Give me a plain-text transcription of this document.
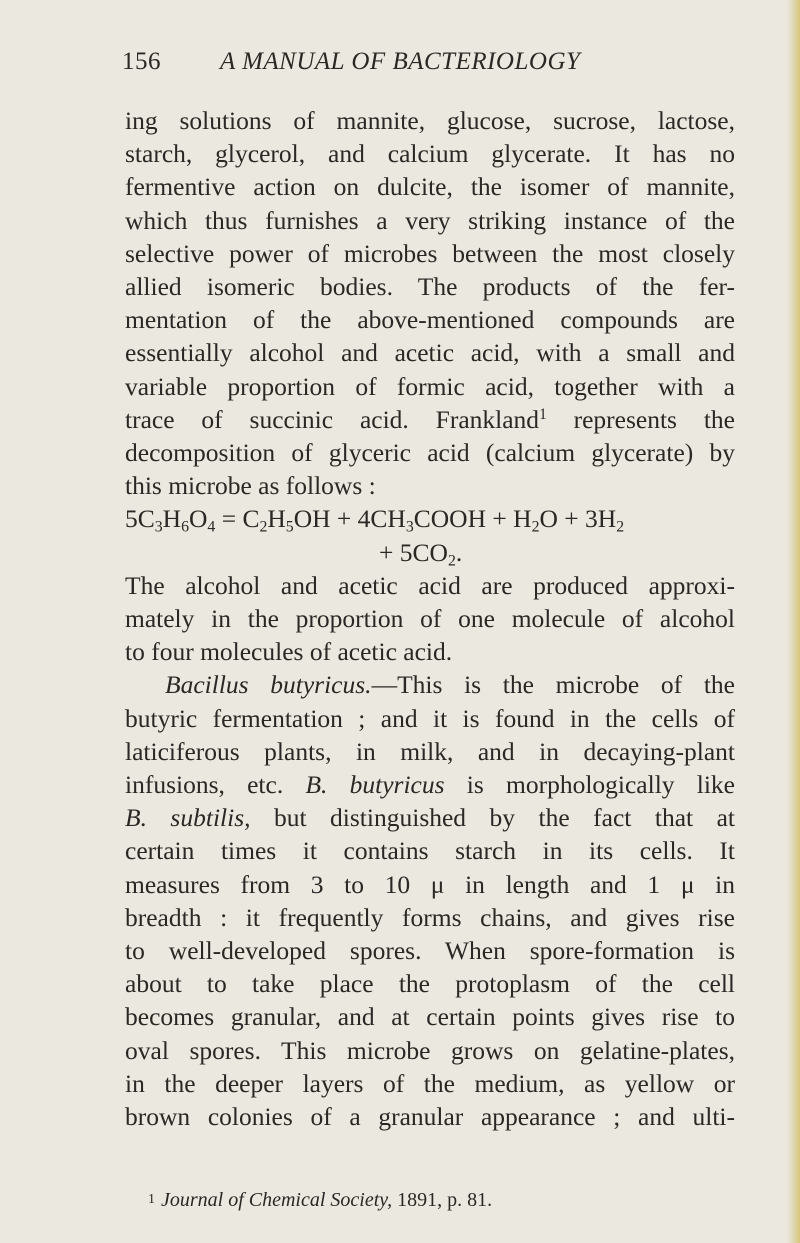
156 A MANUAL OF BACTERIOLOGY
ing solutions of mannite, glucose, sucrose, lactose,
starch, glycerol, and calcium glycerate. It has no
fermentive action on dulcite, the isomer of mannite,
which thus furnishes a very striking instance of the
selective power of microbes between the most closely
allied isomeric bodies. The products of the fer-
mentation of the above-mentioned compounds are
essentially alcohol and acetic acid, with a small and
variable proportion of formic acid, together with a
trace of succinic acid. Frankland$^1$ represents the
decomposition of glyceric acid (calcium glycerate) by
this microbe as follows :
$5C_3H_6O_4 = C_2H_5OH$ + $4CH_3COOH + H_2O + 3H_2$
+ $5CO_2$.
The alcohol and acetic acid are produced approxi-
mately in the proportion of one molecule of alcohol
to four molecules of acetic acid.
Bacillus butyricus.—This is the microbe of the
butyric fermentation ; and it is found in the cells of
laticiferous plants, in milk, and in decaying-plant
infusions, etc. B. butyricus is morphologically like
B. subtilis, but distinguished by the fact that at
certain times it contains starch in its cells. It
measures from 3 to 10 μ in length and 1 μ in
breadth : it frequently forms chains, and gives rise
to well-developed spores. When spore-formation is
about to take place the protoplasm of the cell
becomes granular, and at certain points gives rise to
oval spores. This microbe grows on gelatine-plates,
in the deeper layers of the medium, as yellow or
brown colonies of a granular appearance ; and ulti-
1 Journal of Chemical Society, 1891, p. 81.
